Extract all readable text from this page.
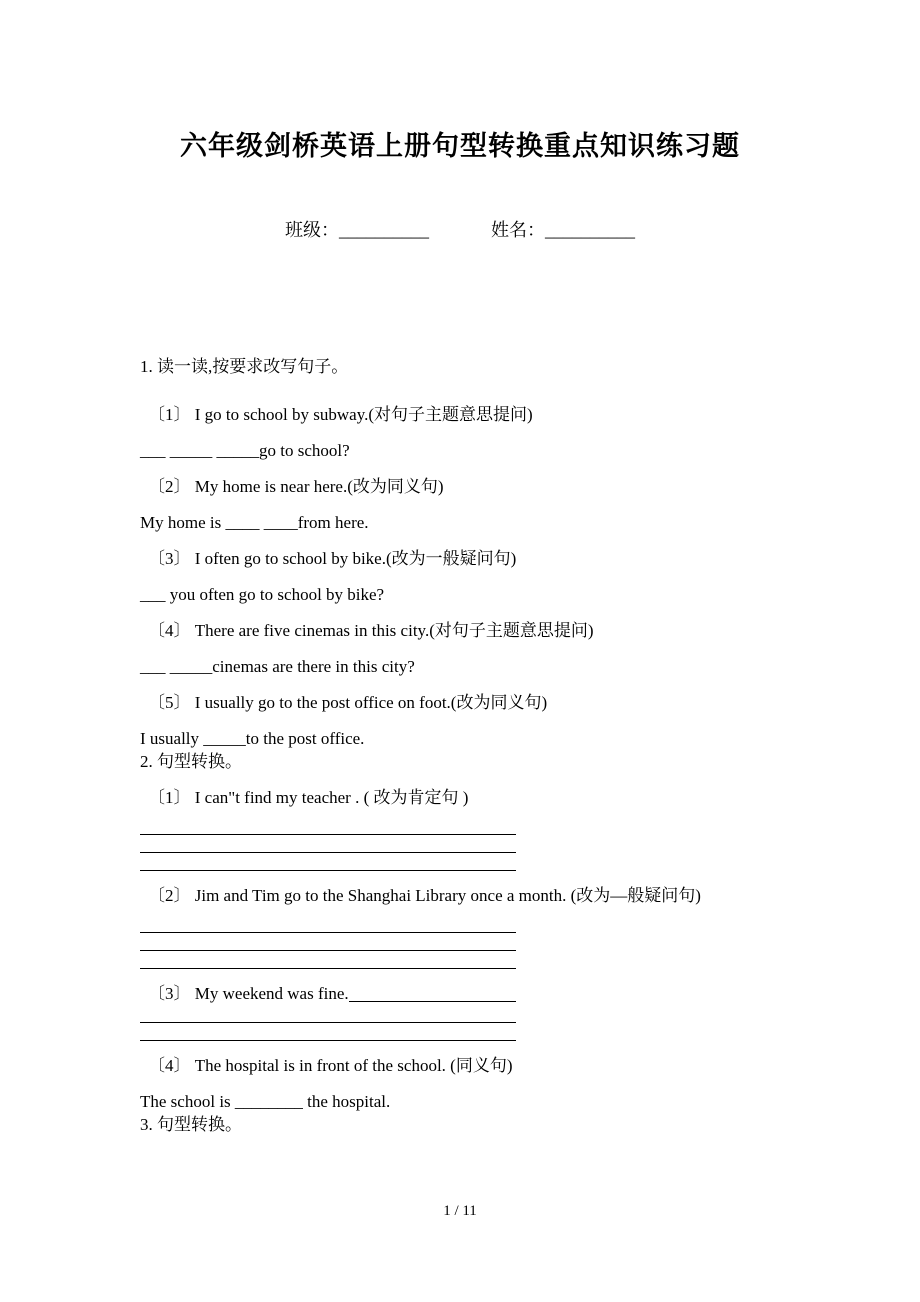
六年级剑桥英语上册句型转换重点知识练习题
班级：__________	姓名：__________

1. 读一读,按要求改写句子。

〔1〕 I go to school by subway.(对句子主题意思提问)

___ _____ _____go to school?

〔2〕 My home is near here.(改为同义句)

My home is ____ ____from here.

〔3〕 I often go to school by bike.(改为一般疑问句)

___ you often go to school by bike?

〔4〕 There are five cinemas in this city.(对句子主题意思提问)

___ _____cinemas are there in this city?

〔5〕 I usually go to the post office on foot.(改为同义句)

I usually _____to the post office.

2. 句型转换。

〔1〕 I can"t find my teacher . ( 改为肯定句 )

〔2〕 Jim and Tim go to the Shanghai Library once a month. (改为—般疑问句)

〔3〕 My weekend was fine.

〔4〕 The hospital is in front of the school. (同义句)

The school is ________ the hospital.

3. 句型转换。

1 / 11
